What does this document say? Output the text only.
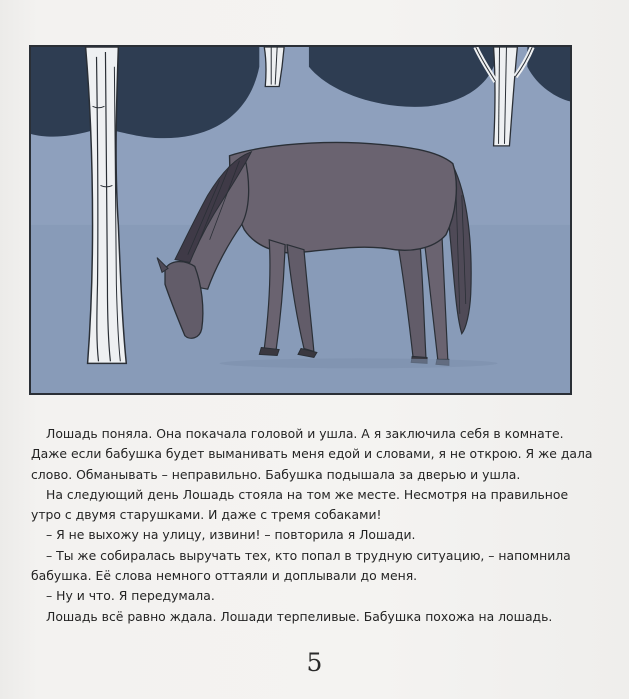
Лошадь поняла. Она покачала головой и ушла. А я заключила себя в комнате.

Даже если бабушка будет выманивать меня едой и словами, я не открою. Я же дала

слово. Обманывать – неправильно. Бабушка подышала за дверью и ушла.

На следующий день Лошадь стояла на том же месте. Несмотря на правильное

утро с двумя старушками. И даже с тремя собаками!

– Я не выхожу на улицу, извини! – повторила я Лошади.

– Ты же собиралась выручать тех, кто попал в трудную ситуацию, – напомнила

бабушка. Её слова немного оттаяли и доплывали до меня.

– Ну и что. Я передумала.

Лошадь всё равно ждала. Лошади терпеливые. Бабушка похожа на лошадь.

5
